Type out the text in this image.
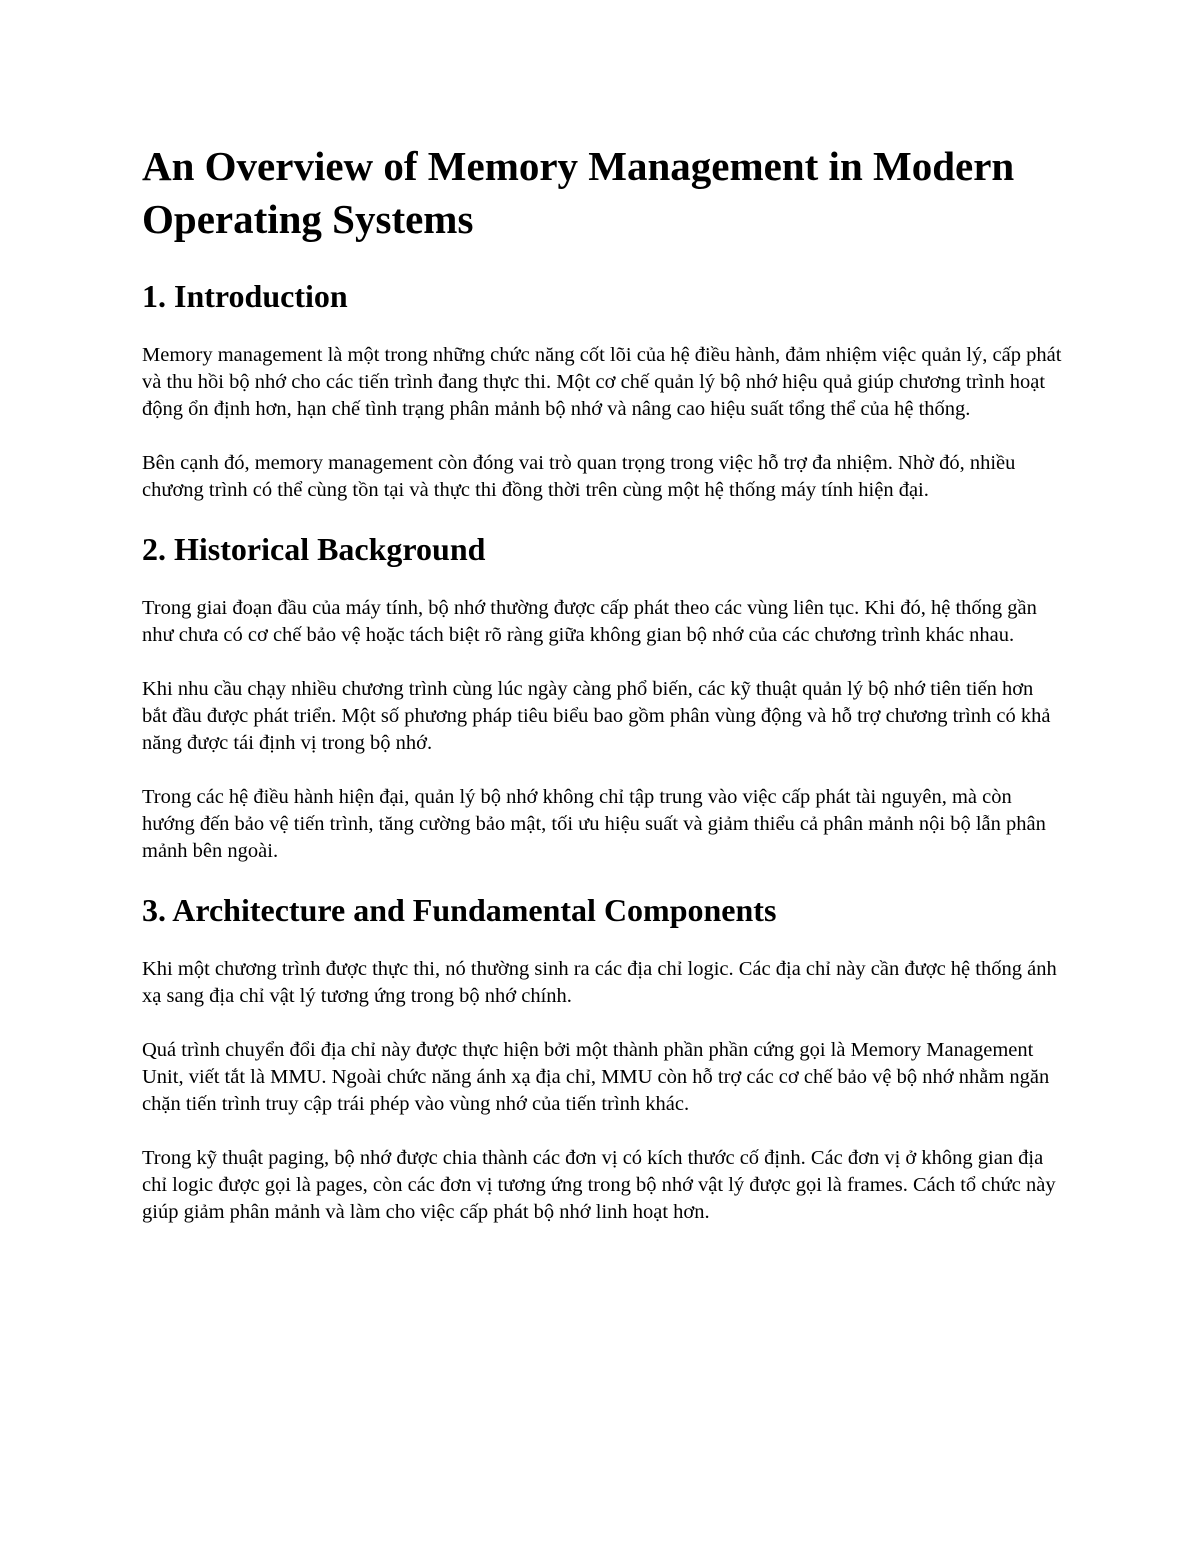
An Overview of Memory Management in Modern Operating Systems
1. Introduction

Memory management là một trong những chức năng cốt lõi của hệ điều hành, đảm nhiệm việc quản lý, cấp phát và thu hồi bộ nhớ cho các tiến trình đang thực thi. Một cơ chế quản lý bộ nhớ hiệu quả giúp chương trình hoạt động ổn định hơn, hạn chế tình trạng phân mảnh bộ nhớ và nâng cao hiệu suất tổng thể của hệ thống.

Bên cạnh đó, memory management còn đóng vai trò quan trọng trong việc hỗ trợ đa nhiệm. Nhờ đó, nhiều chương trình có thể cùng tồn tại và thực thi đồng thời trên cùng một hệ thống máy tính hiện đại.

2. Historical Background

Trong giai đoạn đầu của máy tính, bộ nhớ thường được cấp phát theo các vùng liên tục. Khi đó, hệ thống gần như chưa có cơ chế bảo vệ hoặc tách biệt rõ ràng giữa không gian bộ nhớ của các chương trình khác nhau.

Khi nhu cầu chạy nhiều chương trình cùng lúc ngày càng phổ biến, các kỹ thuật quản lý bộ nhớ tiên tiến hơn bắt đầu được phát triển. Một số phương pháp tiêu biểu bao gồm phân vùng động và hỗ trợ chương trình có khả năng được tái định vị trong bộ nhớ.

Trong các hệ điều hành hiện đại, quản lý bộ nhớ không chỉ tập trung vào việc cấp phát tài nguyên, mà còn hướng đến bảo vệ tiến trình, tăng cường bảo mật, tối ưu hiệu suất và giảm thiểu cả phân mảnh nội bộ lẫn phân mảnh bên ngoài.

3. Architecture and Fundamental Components

Khi một chương trình được thực thi, nó thường sinh ra các địa chỉ logic. Các địa chỉ này cần được hệ thống ánh xạ sang địa chỉ vật lý tương ứng trong bộ nhớ chính.

Quá trình chuyển đổi địa chỉ này được thực hiện bởi một thành phần phần cứng gọi là Memory Management Unit, viết tắt là MMU. Ngoài chức năng ánh xạ địa chỉ, MMU còn hỗ trợ các cơ chế bảo vệ bộ nhớ nhằm ngăn chặn tiến trình truy cập trái phép vào vùng nhớ của tiến trình khác.

Trong kỹ thuật paging, bộ nhớ được chia thành các đơn vị có kích thước cố định. Các đơn vị ở không gian địa chỉ logic được gọi là pages, còn các đơn vị tương ứng trong bộ nhớ vật lý được gọi là frames. Cách tổ chức này giúp giảm phân mảnh và làm cho việc cấp phát bộ nhớ linh hoạt hơn.
